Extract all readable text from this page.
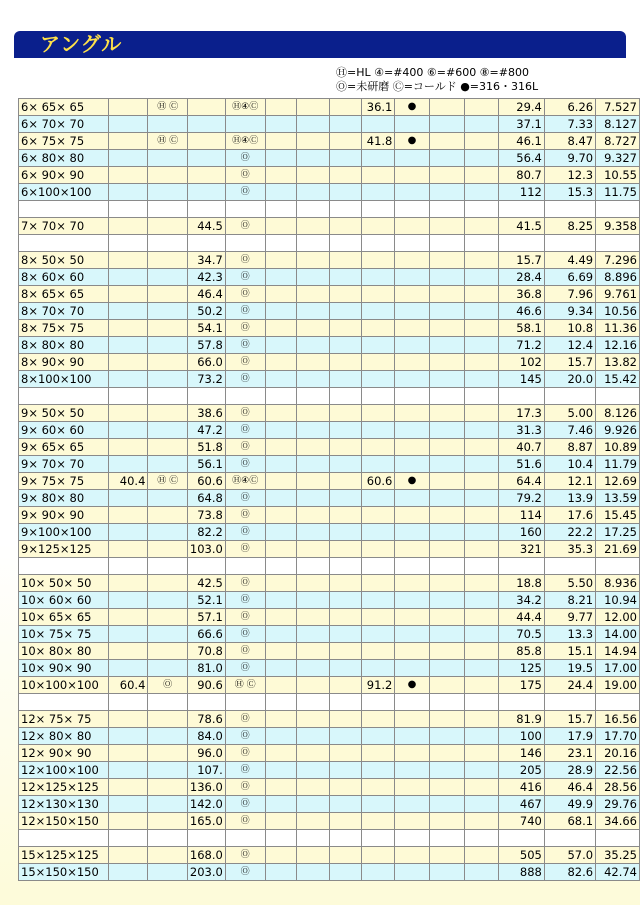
アングル
Ⓗ=HL ④=#400 ⑥=#600 ⑧=#800
Ⓞ=未研磨 Ⓒ=コールド ●=316・316L
6× 65× 65		Ⓗ Ⓒ		Ⓗ④Ⓒ				36.1	●			29.4	6.26	7.527
6× 70× 70												37.1	7.33	8.127
6× 75× 75		Ⓗ Ⓒ		Ⓗ④Ⓒ				41.8	●			46.1	8.47	8.727
6× 80× 80				Ⓞ								56.4	9.70	9.327
6× 90× 90				Ⓞ								80.7	12.3	10.55
6×100×100				Ⓞ								112	15.3	11.75

7× 70× 70			44.5	Ⓞ								41.5	8.25	9.358

8× 50× 50			34.7	Ⓞ								15.7	4.49	7.296
8× 60× 60			42.3	Ⓞ								28.4	6.69	8.896
8× 65× 65			46.4	Ⓞ								36.8	7.96	9.761
8× 70× 70			50.2	Ⓞ								46.6	9.34	10.56
8× 75× 75			54.1	Ⓞ								58.1	10.8	11.36
8× 80× 80			57.8	Ⓞ								71.2	12.4	12.16
8× 90× 90			66.0	Ⓞ								102	15.7	13.82
8×100×100			73.2	Ⓞ								145	20.0	15.42

9× 50× 50			38.6	Ⓞ								17.3	5.00	8.126
9× 60× 60			47.2	Ⓞ								31.3	7.46	9.926
9× 65× 65			51.8	Ⓞ								40.7	8.87	10.89
9× 70× 70			56.1	Ⓞ								51.6	10.4	11.79
9× 75× 75	40.4	Ⓗ Ⓒ	60.6	Ⓗ④Ⓒ				60.6	●			64.4	12.1	12.69
9× 80× 80			64.8	Ⓞ								79.2	13.9	13.59
9× 90× 90			73.8	Ⓞ								114	17.6	15.45
9×100×100			82.2	Ⓞ								160	22.2	17.25
9×125×125			103.0	Ⓞ								321	35.3	21.69

10× 50× 50			42.5	Ⓞ								18.8	5.50	8.936
10× 60× 60			52.1	Ⓞ								34.2	8.21	10.94
10× 65× 65			57.1	Ⓞ								44.4	9.77	12.00
10× 75× 75			66.6	Ⓞ								70.5	13.3	14.00
10× 80× 80			70.8	Ⓞ								85.8	15.1	14.94
10× 90× 90			81.0	Ⓞ								125	19.5	17.00
10×100×100	60.4	Ⓞ	90.6	Ⓗ Ⓒ				91.2	●			175	24.4	19.00

12× 75× 75			78.6	Ⓞ								81.9	15.7	16.56
12× 80× 80			84.0	Ⓞ								100	17.9	17.70
12× 90× 90			96.0	Ⓞ								146	23.1	20.16
12×100×100			107.	Ⓞ								205	28.9	22.56
12×125×125			136.0	Ⓞ								416	46.4	28.56
12×130×130			142.0	Ⓞ								467	49.9	29.76
12×150×150			165.0	Ⓞ								740	68.1	34.66

15×125×125			168.0	Ⓞ								505	57.0	35.25
15×150×150			203.0	Ⓞ								888	82.6	42.74
